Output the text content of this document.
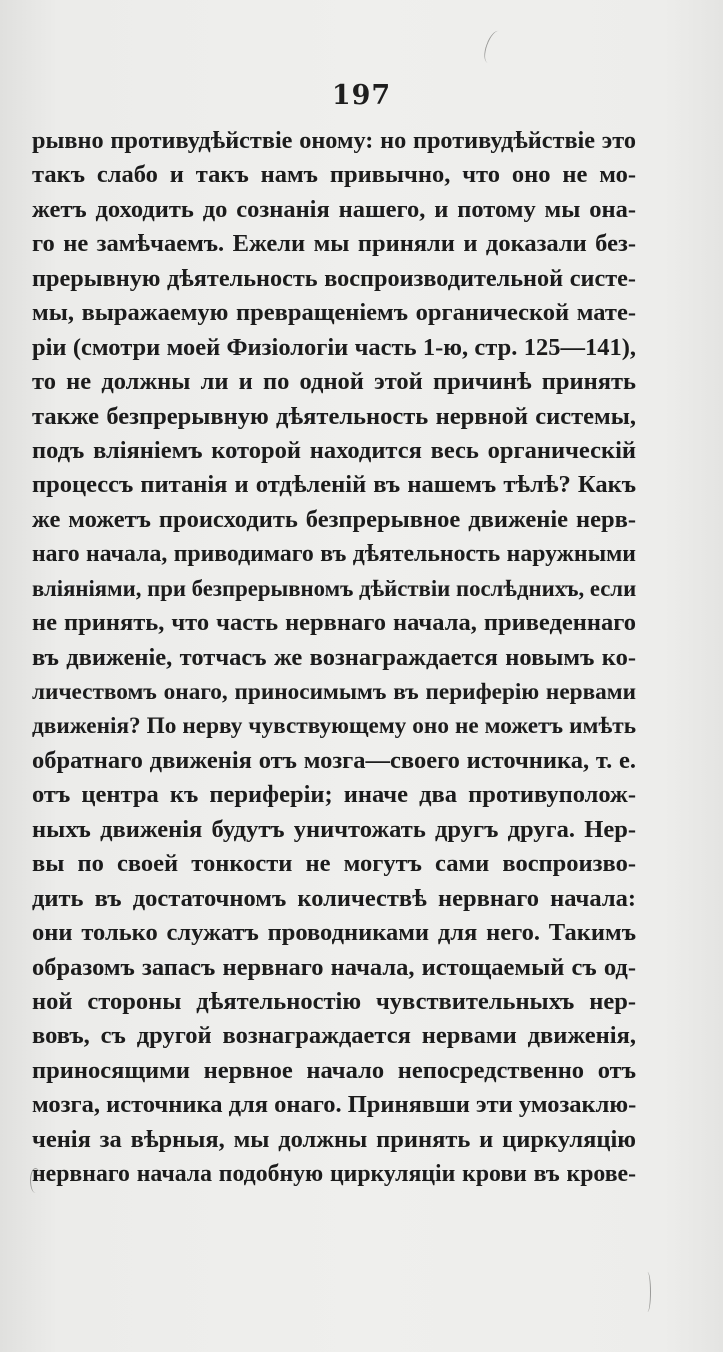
197
рывно противудѣйствіе оному: но противудѣйствіе это
такъ слабо и такъ намъ привычно, что оно не мо-
жетъ доходить до сознанія нашего, и потому мы она-
го не замѣчаемъ. Ежели мы приняли и доказали без-
прерывную дѣятельность воспроизводительной систе-
мы, выражаемую превращеніемъ органической мате-
ріи (смотри моей Физіологіи часть 1-ю, стр. 125—141),
то не должны ли и по одной этой причинѣ принять
также безпрерывную дѣятельность нервной системы,
подъ вліяніемъ которой находится весь органическій
процессъ питанія и отдѣленій въ нашемъ тѣлѣ? Какъ
же можетъ происходить безпрерывное движеніе нерв-
наго начала, приводимаго въ дѣятельность наружными
вліяніями, при безпрерывномъ дѣйствіи послѣднихъ, если
не принять, что часть нервнаго начала, приведеннаго
въ движеніе, тотчасъ же вознаграждается новымъ ко-
личествомъ онаго, приносимымъ въ периферію нервами
движенія? По нерву чувствующему оно не можетъ имѣть
обратнаго движенія отъ мозга—своего источника, т. е.
отъ центра къ периферіи; иначе два противуполож-
ныхъ движенія будутъ уничтожать другъ друга. Нер-
вы по своей тонкости не могутъ сами воспроизво-
дить въ достаточномъ количествѣ нервнаго начала:
они только служатъ проводниками для него. Такимъ
образомъ запасъ нервнаго начала, истощаемый съ од-
ной стороны дѣятельностію чувствительныхъ нер-
вовъ, съ другой вознаграждается нервами движенія,
приносящими нервное начало непосредственно отъ
мозга, источника для онаго. Принявши эти умозаклю-
ченія за вѣрныя, мы должны принять и циркуляцію
нервнаго начала подобную циркуляціи крови въ крове-
